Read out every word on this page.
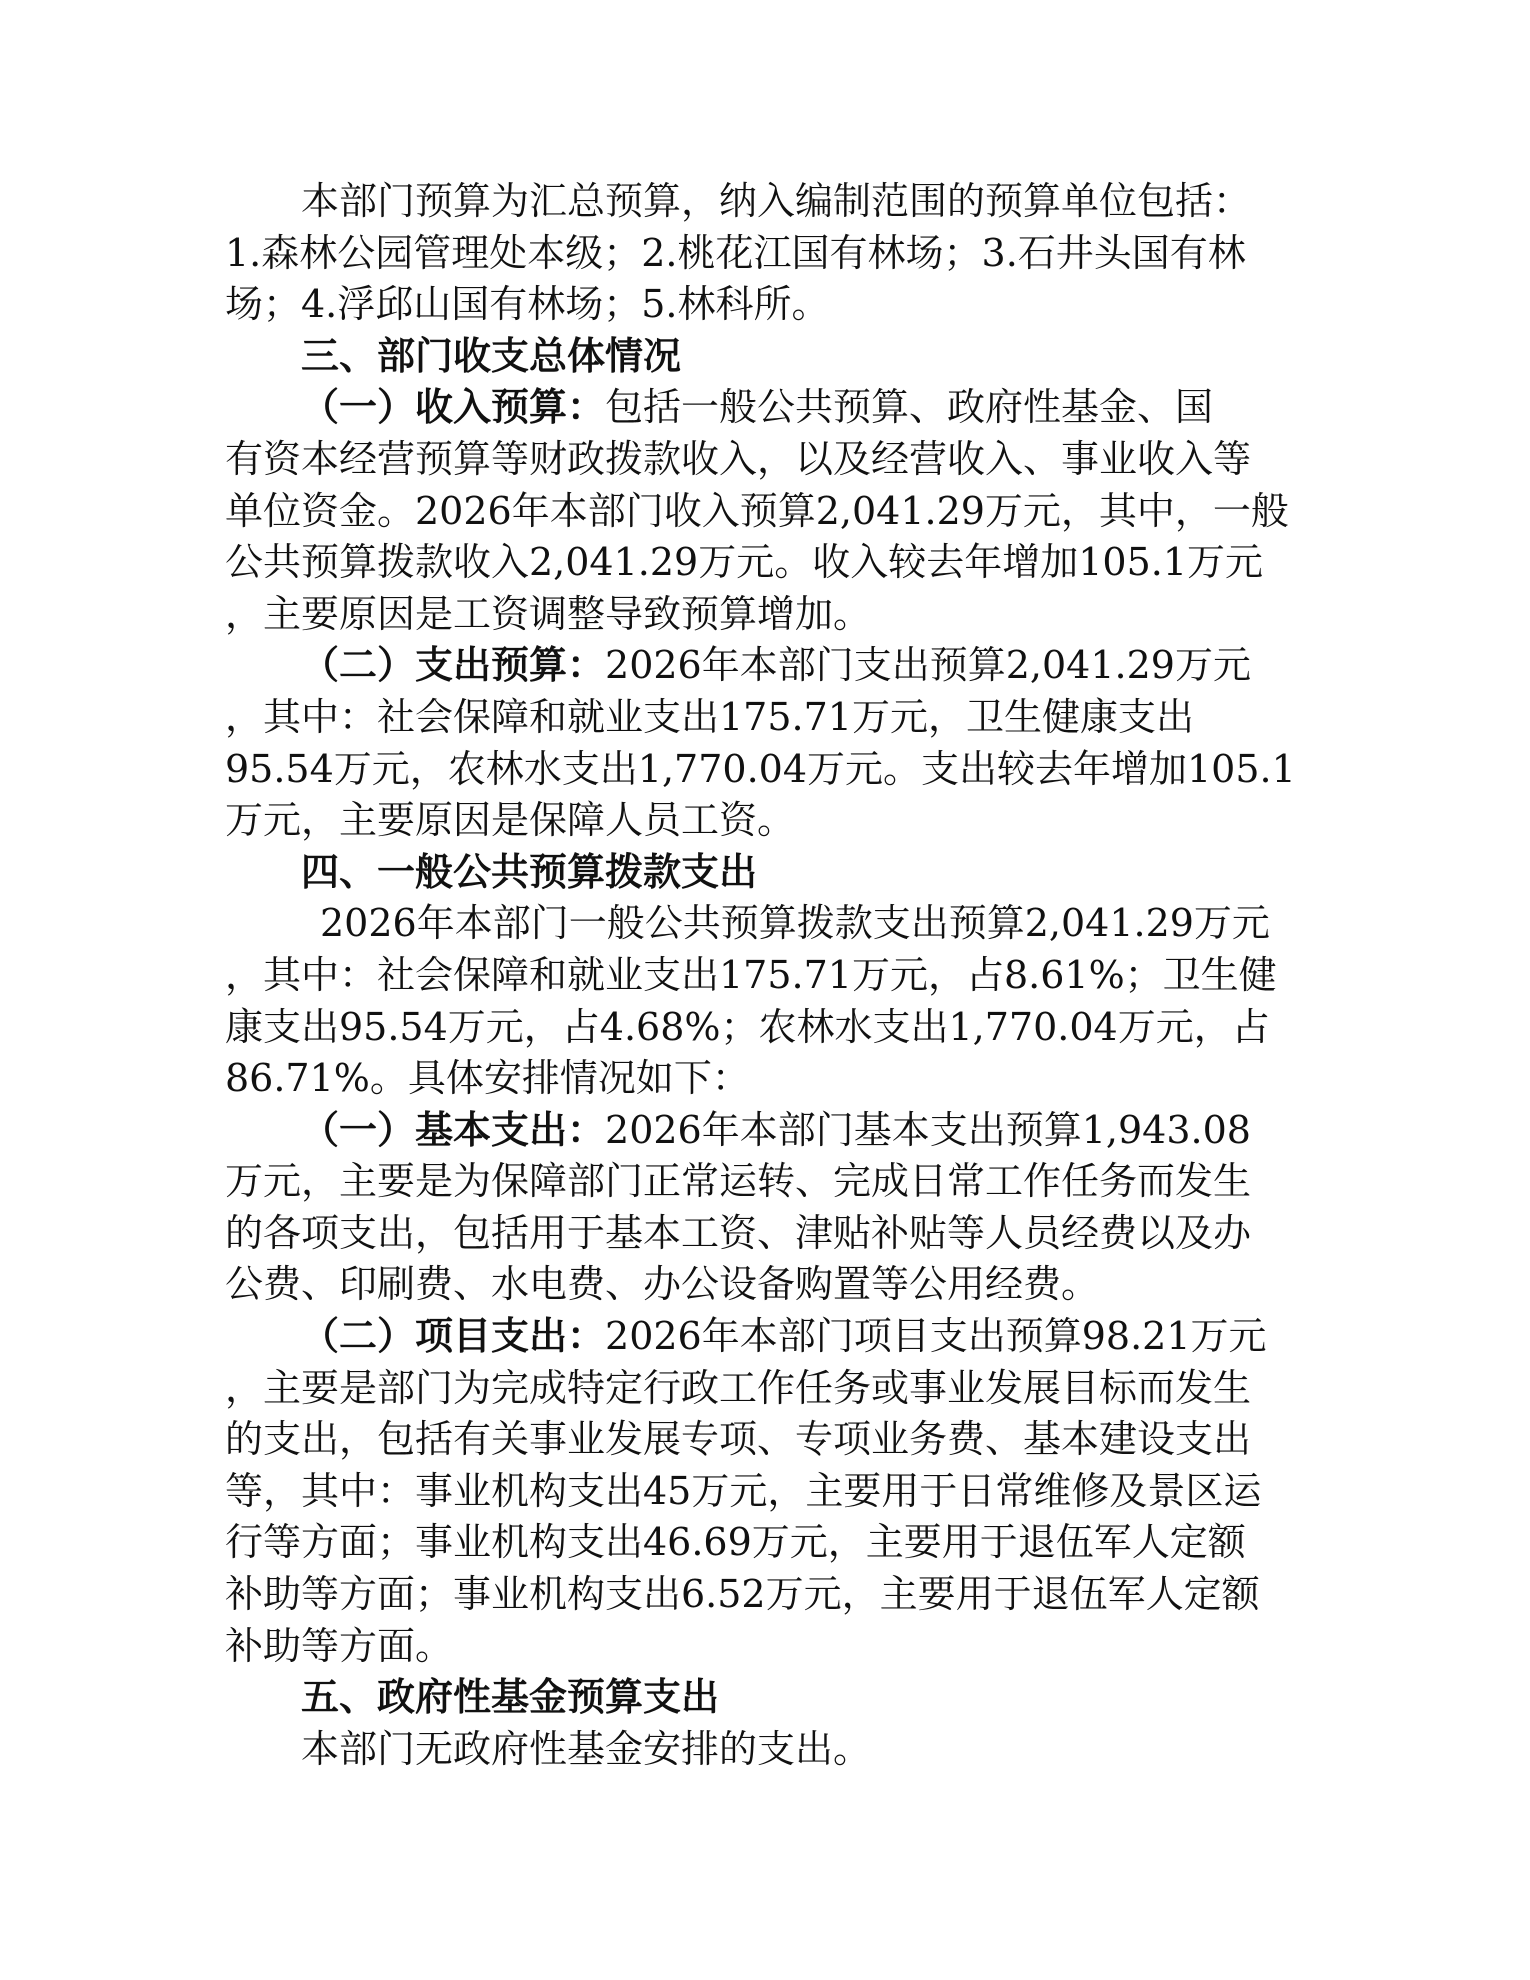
本部门预算为汇总预算，纳入编制范围的预算单位包括：
1.森林公园管理处本级；2.桃花江国有林场；3.石井头国有林
场；4.浮邱山国有林场；5.林科所。
三、部门收支总体情况
（一）收入预算：包括一般公共预算、政府性基金、国
有资本经营预算等财政拨款收入，以及经营收入、事业收入等
单位资金。2026年本部门收入预算2,041.29万元，其中，一般
公共预算拨款收入2,041.29万元。收入较去年增加105.1万元
，主要原因是工资调整导致预算增加。
（二）支出预算：2026年本部门支出预算2,041.29万元
，其中：社会保障和就业支出175.71万元，卫生健康支出
95.54万元，农林水支出1,770.04万元。支出较去年增加105.1
万元，主要原因是保障人员工资。
四、一般公共预算拨款支出
2026年本部门一般公共预算拨款支出预算2,041.29万元
，其中：社会保障和就业支出175.71万元，占8.61%；卫生健
康支出95.54万元，占4.68%；农林水支出1,770.04万元，占
86.71%。具体安排情况如下：
（一）基本支出：2026年本部门基本支出预算1,943.08
万元，主要是为保障部门正常运转、完成日常工作任务而发生
的各项支出，包括用于基本工资、津贴补贴等人员经费以及办
公费、印刷费、水电费、办公设备购置等公用经费。
（二）项目支出：2026年本部门项目支出预算98.21万元
，主要是部门为完成特定行政工作任务或事业发展目标而发生
的支出，包括有关事业发展专项、专项业务费、基本建设支出
等，其中：事业机构支出45万元，主要用于日常维修及景区运
行等方面；事业机构支出46.69万元，主要用于退伍军人定额
补助等方面；事业机构支出6.52万元，主要用于退伍军人定额
补助等方面。
五、政府性基金预算支出
本部门无政府性基金安排的支出。
